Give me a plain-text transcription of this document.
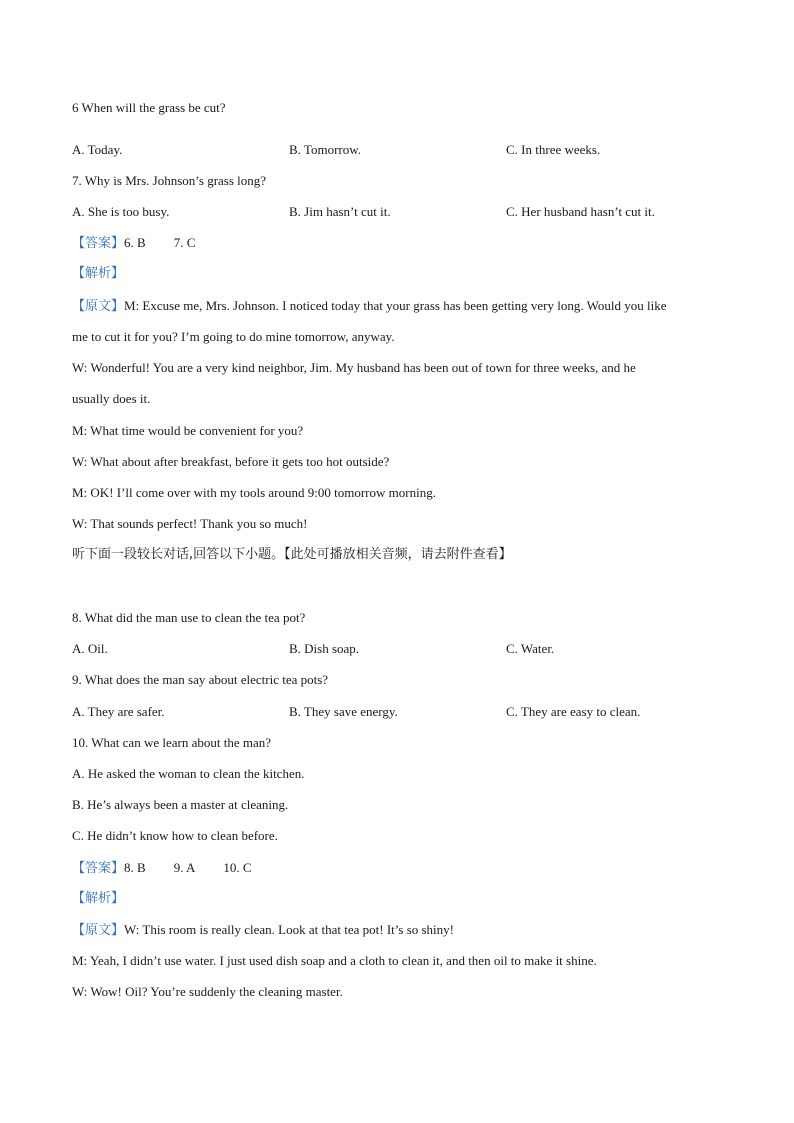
6 When will the grass be cut?
A. Today.	B. Tomorrow.	C. In three weeks.
7. Why is Mrs. Johnson’s grass long?
A. She is too busy.	B. Jim hasn’t cut it.	C. Her husband hasn’t cut it.
【答案】6. B 7. C
【解析】
【原文】M: Excuse me, Mrs. Johnson. I noticed today that your grass has been getting very long. Would you like
me to cut it for you? I’m going to do mine tomorrow, anyway.
W: Wonderful! You are a very kind neighbor, Jim. My husband has been out of town for three weeks, and he
usually does it.
M: What time would be convenient for you?
W: What about after breakfast, before it gets too hot outside?
M: OK! I’ll come over with my tools around 9:00 tomorrow morning.
W: That sounds perfect! Thank you so much!
听下面一段较长对话,回答以下小题。【此处可播放相关音频，请去附件查看】
8. What did the man use to clean the tea pot?
A. Oil.	B. Dish soap.	C. Water.
9. What does the man say about electric tea pots?
A. They are safer.	B. They save energy.	C. They are easy to clean.
10. What can we learn about the man?
A. He asked the woman to clean the kitchen.
B. He’s always been a master at cleaning.
C. He didn’t know how to clean before.
【答案】8. B 9. A 10. C
【解析】
【原文】W: This room is really clean. Look at that tea pot! It’s so shiny!
M: Yeah, I didn’t use water. I just used dish soap and a cloth to clean it, and then oil to make it shine.
W: Wow! Oil? You’re suddenly the cleaning master.
